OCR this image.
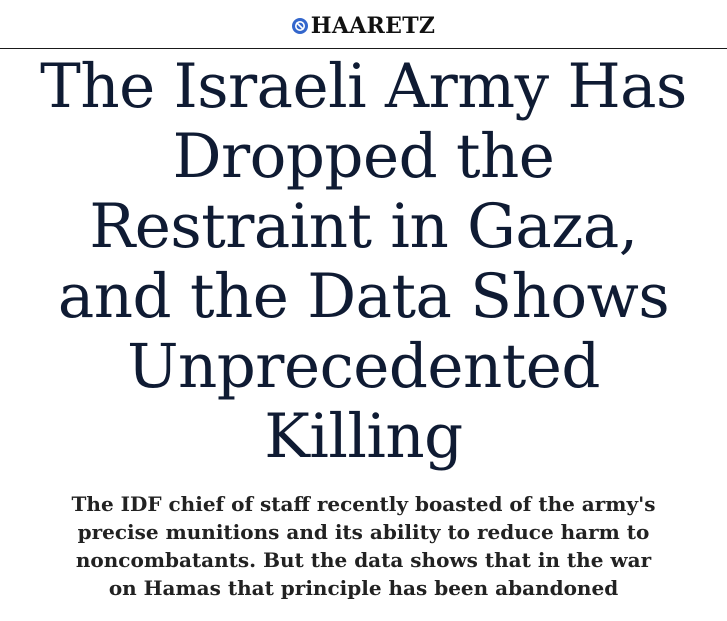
HAARETZ
The Israeli Army Has Dropped the Restraint in Gaza, and the Data Shows Unprecedented Killing

The IDF chief of staff recently boasted of the army's precise munitions and its ability to reduce harm to noncombatants. But the data shows that in the war on Hamas that principle has been abandoned
